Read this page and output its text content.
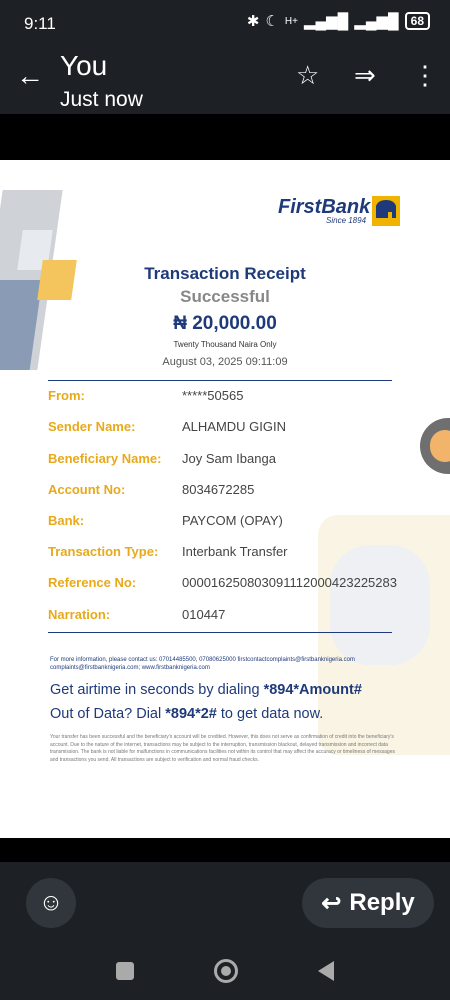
9:11	✱ ☾ H+ ▂▄▆█ ▂▄▆█	68
← You
Just now
☆ ⇒ ⋮
FirstBank
Since 1894
Transaction Receipt
Successful
₦ 20,000.00
Twenty Thousand Naira Only
August 03, 2025 09:11:09
From:	*****50565
Sender Name:	ALHAMDU GIGIN
Beneficiary Name: Joy Sam Ibanga
Account No:	8034672285
Bank:	PAYCOM (OPAY)
Transaction Type: Interbank Transfer
Reference No:	000016250803091112000423225283
Narration:	010447
For more information, please contact us: 07014485500, 07080625000 firstcontactcomplaints@firstbanknigeria.com complaints@firstbanknigeria.com; www.firstbanknigeria.com
Get airtime in seconds by dialing *894*Amount#
Out of Data? Dial *894*2# to get data now.
Your transfer has been successful and the beneficiary's account will be credited. However, this does not serve as confirmation of credit into the beneficiary's account. Due to the nature of the internet, transactions may be subject to the interruption, transmission blackout, delayed transmission and incorrect data transmission. The bank is not liable for malfunctions in communications facilities not within its control that may affect the accuracy or timeliness of messages and transactions you send. All transactions are subject to verification and normal fraud checks.
☺	↩ Reply
